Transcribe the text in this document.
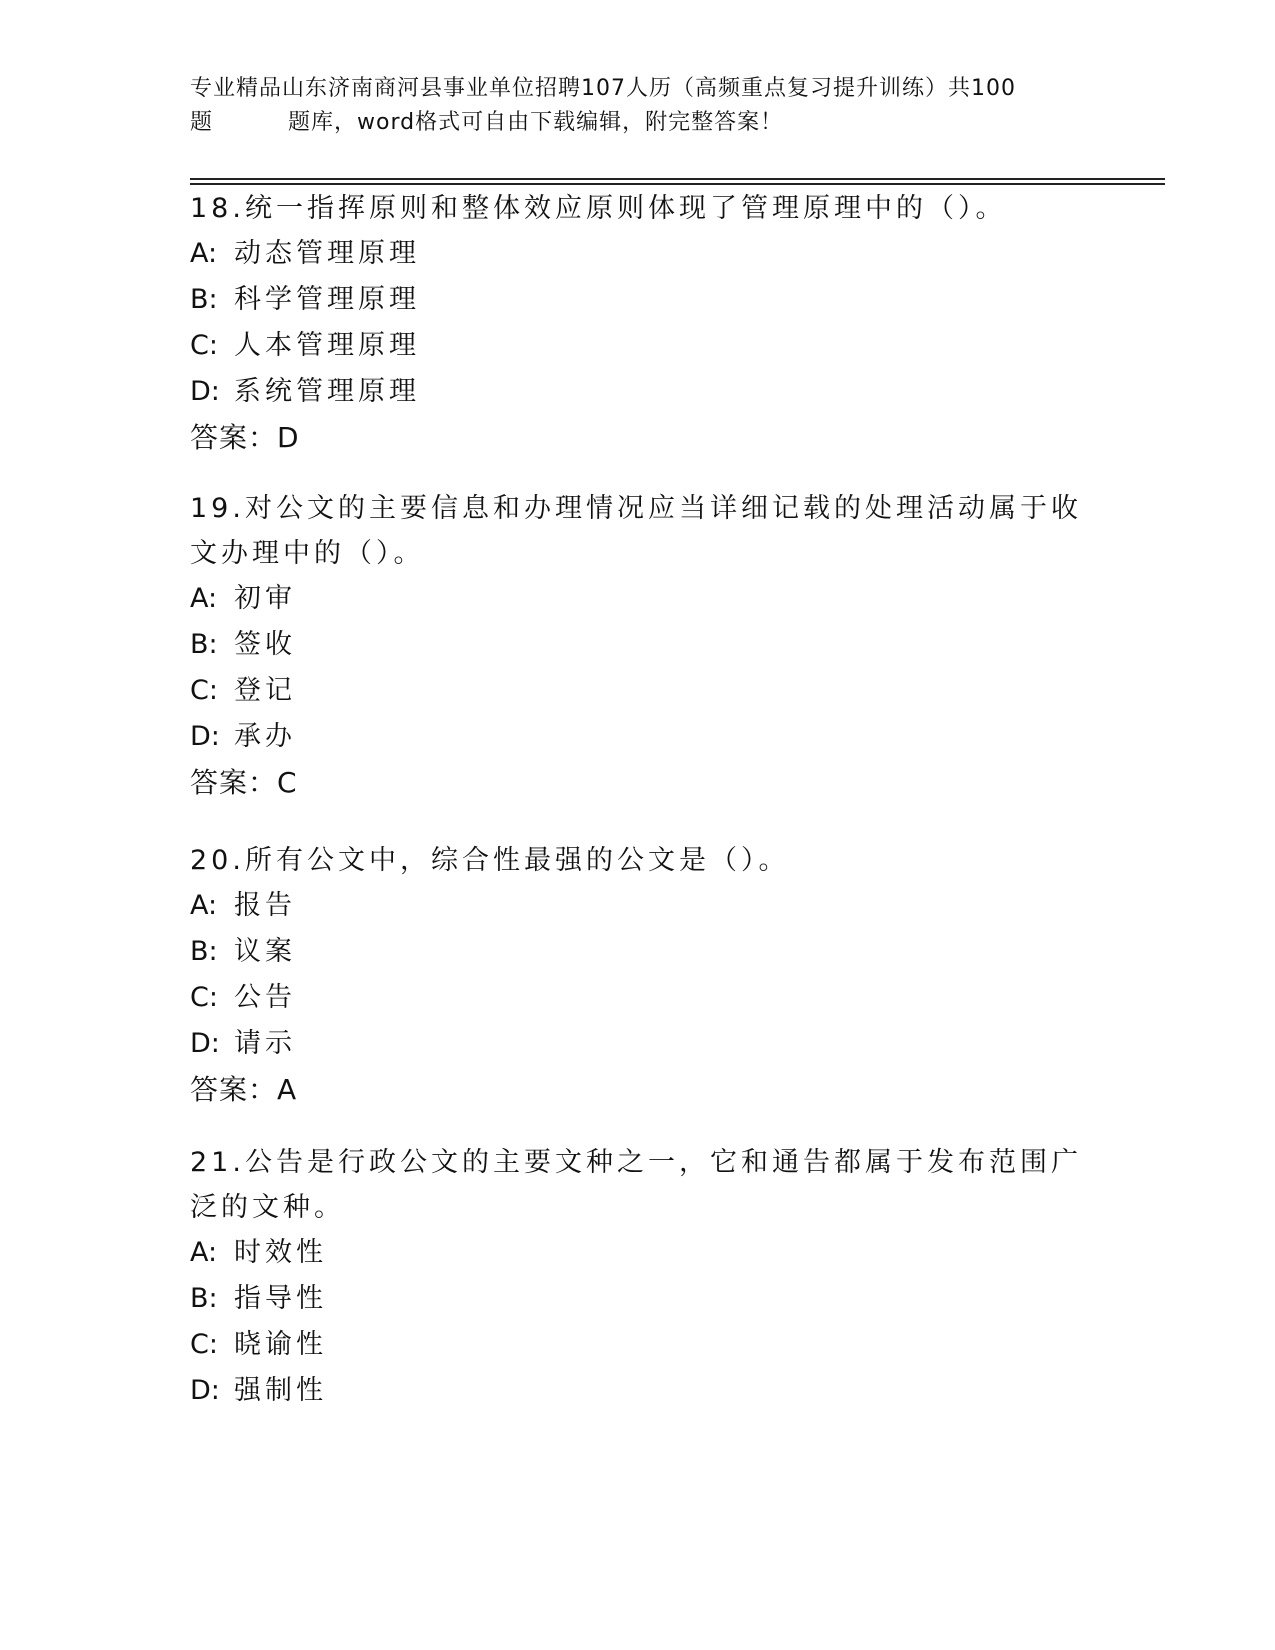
专业精品山东济南商河县事业单位招聘107人历（高频重点复习提升训练）共100
题	题库，word格式可自由下载编辑，附完整答案！

18.统一指挥原则和整体效应原则体现了管理原理中的（）。

A: 动态管理原理
B: 科学管理原理
C: 人本管理原理
D: 系统管理原理
答案：D

19.对公文的主要信息和办理情况应当详细记载的处理活动属于收文办理中的（）。

A: 初审
B: 签收
C: 登记
D: 承办
答案：C

20.所有公文中，综合性最强的公文是（）。

A: 报告
B: 议案
C: 公告
D: 请示
答案：A

21.公告是行政公文的主要文种之一，它和通告都属于发布范围广泛的文种。

A: 时效性
B: 指导性
C: 晓谕性
D: 强制性
